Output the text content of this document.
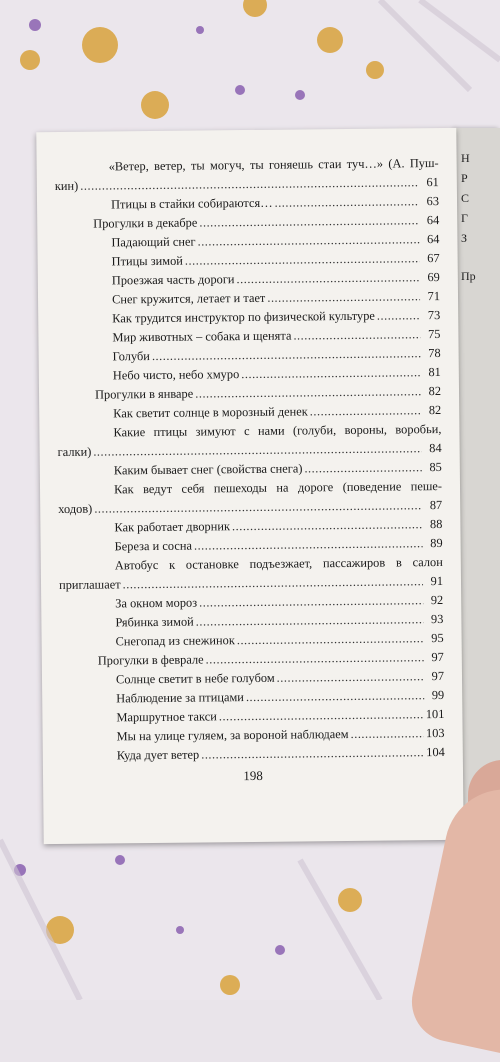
Н
Р
С
Г
З
Пр
«Ветер, ветер, ты могуч, ты гоняешь стаи туч…» (А. Пуш-
кин) .....	61
Птицы в стайки собираются… .....	63
Прогулки в декабре .....	64
Падающий снег .....	64
Птицы зимой .....	67
Проезжая часть дороги .....	69
Снег кружится, летает и тает .....	71
Как трудится инструктор по физической культуре .....	73
Мир животных – собака и щенята .....	75
Голуби .....	78
Небо чисто, небо хмуро .....	81
Прогулки в январе .....	82
Как светит солнце в морозный денек .....	82
Какие птицы зимуют с нами (голуби, вороны, воробьи,
галки) .....	84
Каким бывает снег (свойства снега) .....	85
Как ведут себя пешеходы на дороге (поведение пеше-
ходов) .....	87
Как работает дворник .....	88
Береза и сосна .....	89
Автобус к остановке подъезжает, пассажиров в салон
приглашает .....	91
За окном мороз .....	92
Рябинка зимой .....	93
Снегопад из снежинок .....	95
Прогулки в феврале .....	97
Солнце светит в небе голубом .....	97
Наблюдение за птицами .....	99
Маршрутное такси .....	101
Мы на улице гуляем, за вороной наблюдаем .....	103
Куда дует ветер .....	104
198
